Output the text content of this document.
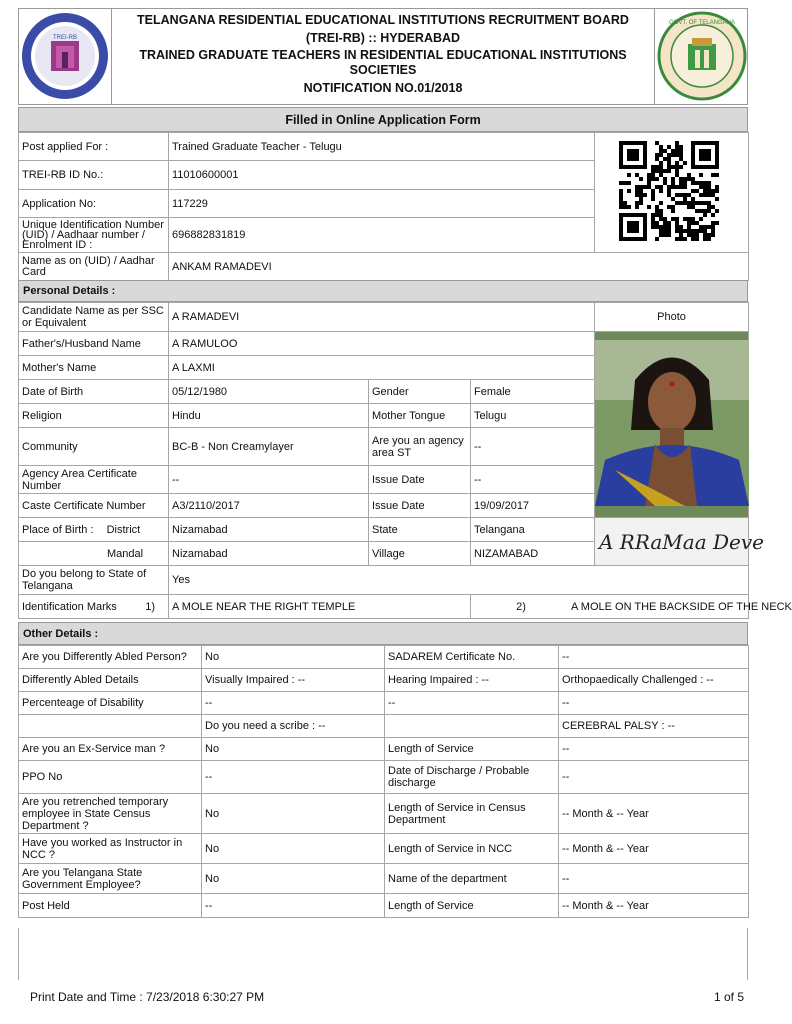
TREI-RB
TELANGANA RESIDENTIAL EDUCATIONAL INSTITUTIONS RECRUITMENT BOARD
(TREI-RB) :: HYDERABAD
TRAINED GRADUATE TEACHERS IN RESIDENTIAL EDUCATIONAL INSTITUTIONS
SOCIETIES
NOTIFICATION NO.01/2018
GOVT. OF TELANGANA
Filled in Online Application Form
Post applied For :	Trained Graduate Teacher - Telugu	
TREI-RB ID No.:	11010600001	
Application No:	117229	
Unique Identification Number (UID) / Aadhaar number / Enrolment ID :	696882831819	
Name as on (UID) / Aadhar Card	ANKAM RAMADEVI	
Personal Details :
Candidate Name as per SSC or Equivalent	A RAMADEVI			Photo	
Father's/Husband Name	A RAMULOO	
Mother's Name	A LAXMI				
Date of Birth	05/12/1980	Gender	Female		
Religion	Hindu	Mother Tongue	Telugu		
Community	BC-B - Non Creamylayer	Are you an agency area ST	--		
Agency Area Certificate Number	--	Issue Date	--		
Caste Certificate Number	A3/2110/2017	Issue Date	19/09/2017	
Place of Birth : District	Nizamabad	State	Telangana	A RRaMaa Deve	

Mandal	Nizamabad	Village	NIZAMABAD		
Do you belong to State of Telangana	Yes				
Identification Marks 1)	A MOLE NEAR THE RIGHT TEMPLE		2) A MOLE ON THE BACKSIDE OF THE NECK		
Other Details :
Are you Differently Abled Person?	No	SADAREM Certificate No.	--
Differently Abled Details	Visually Impaired : --	Hearing Impaired : --	Orthopaedically Challenged : --
Percenteage of Disability	--	--	--
	Do you need a scribe : --		CEREBRAL PALSY : --
Are you an Ex-Service man ?	No	Length of Service	--
PPO No	--	Date of Discharge / Probable discharge	--
Are you retrenched temporary employee in State Census Department ?	No	Length of Service in Census Department	-- Month & -- Year
Have you worked as Instructor in NCC ?	No	Length of Service in NCC	-- Month & -- Year
Are you Telangana State Government Employee?	No	Name of the department	--
Post Held	--	Length of Service	-- Month & -- Year
Print Date and Time : 7/23/2018 6:30:27 PM	1 of 5
